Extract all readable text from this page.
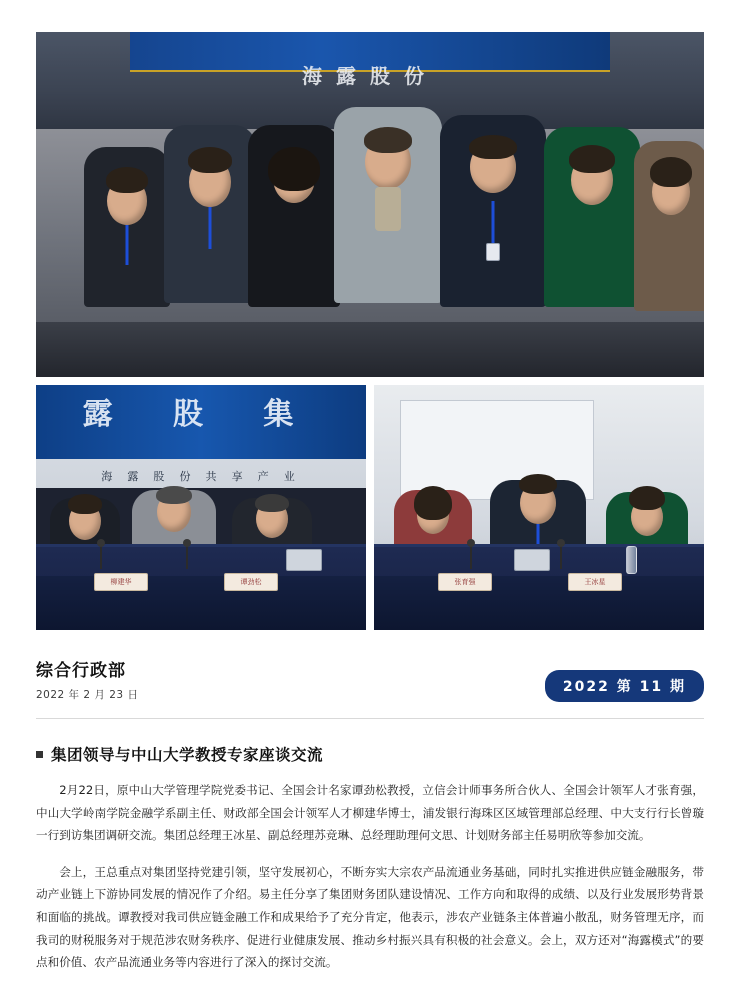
海露股份
露 股 集
海 露 股 份 共 享 产 业
柳建华	谭劲松	张育强	王冰星
综合行政部
2022 年 2 月 23 日	2022 第 11 期
集团领导与中山大学教授专家座谈交流

2月22日，原中山大学管理学院党委书记、全国会计名家谭劲松教授，立信会计师事务所合伙人、全国会计领军人才张育强，中山大学岭南学院金融学系副主任、财政部全国会计领军人才柳建华博士，浦发银行海珠区区域管理部总经理、中大支行行长曾璇一行到访集团调研交流。集团总经理王冰星、副总经理苏竞琳、总经理助理何文思、计划财务部主任易明欣等参加交流。

会上，王总重点对集团坚持党建引领，坚守发展初心，不断夯实大宗农产品流通业务基础，同时扎实推进供应链金融服务，带动产业链上下游协同发展的情况作了介绍。易主任分享了集团财务团队建设情况、工作方向和取得的成绩、以及行业发展形势背景和面临的挑战。谭教授对我司供应链金融工作和成果给予了充分肯定，他表示，涉农产业链条主体普遍小散乱，财务管理无序，而我司的财税服务对于规范涉农财务秩序、促进行业健康发展、推动乡村振兴具有积极的社会意义。会上，双方还对“海露模式”的要点和价值、农产品流通业务等内容进行了深入的探讨交流。
